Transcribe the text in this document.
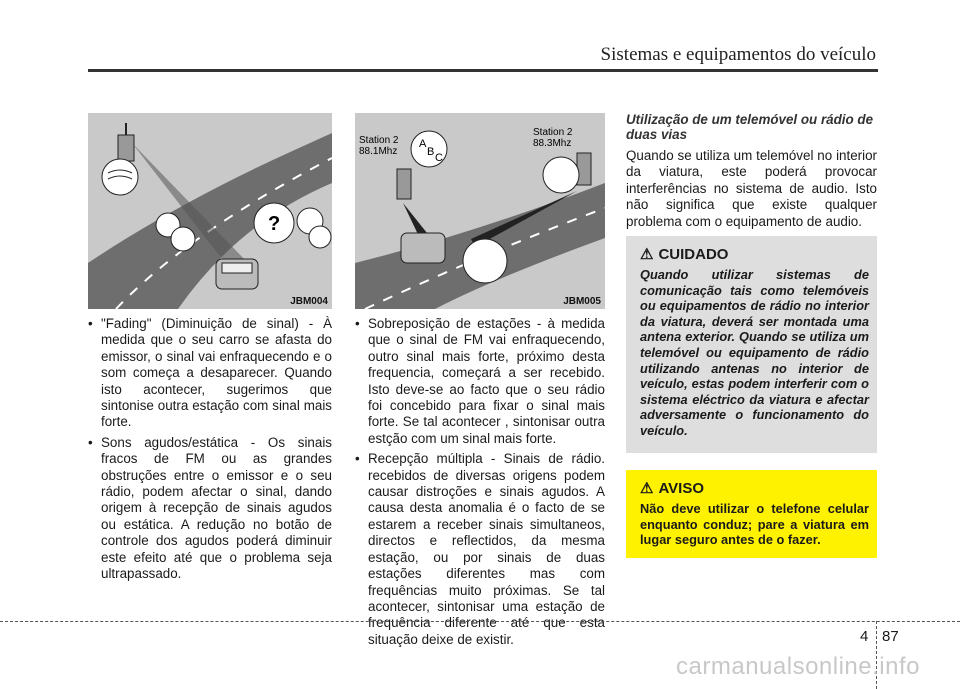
Sistemas e equipamentos do veículo
?
JBM004
Station 2
88.1Mhz
Station 2
88.3Mhz
A
B C
JBM005
• "Fading" (Diminuição de sinal) - À medida que o seu carro se afasta do emissor, o sinal vai enfraquecendo e o som começa a desaparecer. Quando isto acontecer, sugerimos que sintonise outra estação com sinal mais forte.
• Sons agudos/estática - Os sinais fracos de FM ou as grandes obstruções entre o emissor e o seu rádio, podem afectar o sinal, dando origem à recepção de sinais agudos ou estática. A redução no botão de controle dos agudos poderá diminuir este efeito até que o problema seja ultrapassado.
• Sobreposição de estações - à medida que o sinal de FM vai enfraquecendo, outro sinal mais forte, próximo desta frequencia, começará a ser recebido. Isto deve-se ao facto que o seu rádio foi concebido para fixar o sinal mais forte. Se tal acontecer , sintonisar outra estção com um sinal mais forte.
• Recepção múltipla - Sinais de rádio. recebidos de diversas origens podem causar distroções e sinais agudos. A causa desta anomalia é o facto de se estarem a receber sinais simultaneos, directos e reflectidos, da mesma estação, ou por sinais de duas estações diferentes mas com frequências muito próximas. Se tal acontecer, sintonisar uma estação de frequência diferente até que esta situação deixe de existir.

Utilização de um telemóvel ou rádio de duas vias

Quando se utiliza um telemóvel no interior da viatura, este poderá provocar interferências no sistema de audio. Isto não significa que existe qualquer problema com o equipamento de audio.

⚠ CUIDADO
Quando utilizar sistemas de comunicação tais como telemóveis ou equipamentos de rádio no interior da viatura, deverá ser montada uma antena exterior. Quando se utiliza um telemóvel ou equipamento de rádio utilizando antenas no interior de veículo, estas podem interferir com o sistema eléctrico da viatura e afectar adversamente o funcionamento do veículo.
⚠ AVISO
Não deve utilizar o telefone celular enquanto conduz; pare a viatura em lugar seguro antes de o fazer.
4 87
carmanualsonline.info
